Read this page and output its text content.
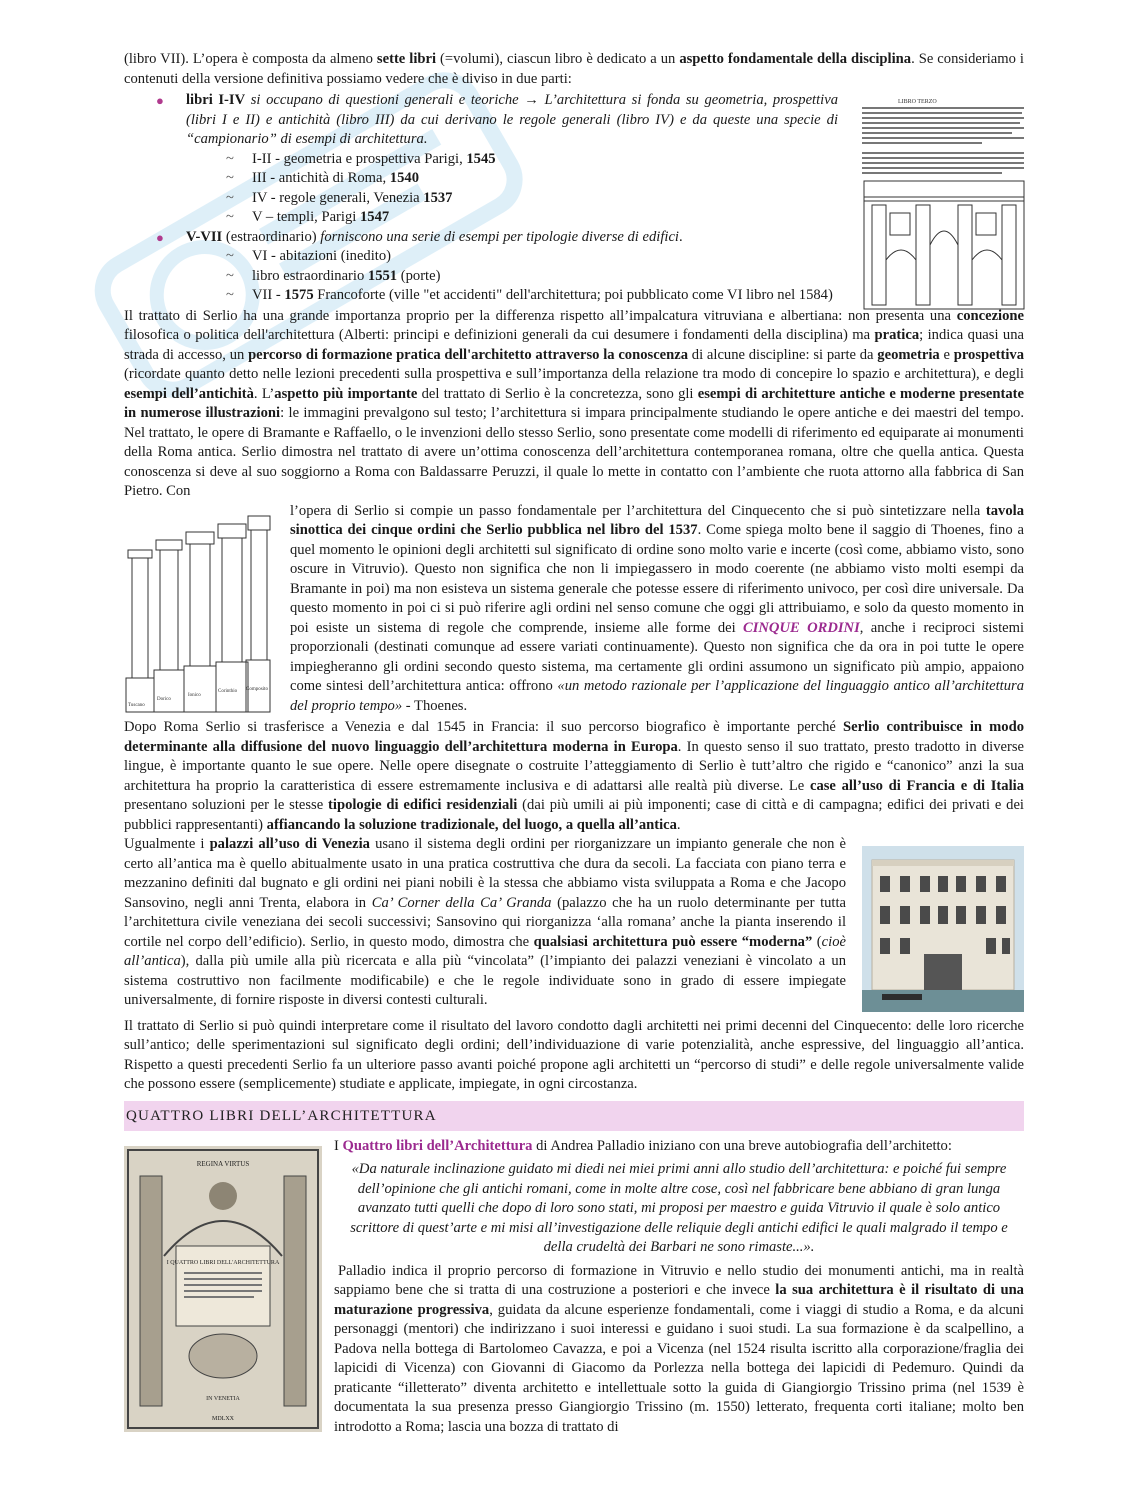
LIBRO TERZO
Tuscano
Dorico
Ionico
Corinthio Composito
REGINA VIRTUS
I QUATTRO LIBRI DELL'ARCHITETTURA
IN VENETIA
MDLXX

(libro VII). L’opera è composta da almeno sette libri (=volumi), ciascun libro è dedicato a un aspetto fondamentale della disciplina. Se consideriamo i contenuti della versione definitiva possiamo vedere che è diviso in due parti:

● libri I-IV si occupano di questioni generali e teoriche → L’architettura si fonda su geometria, prospettiva (libri I e II) e antichità (libro III) da cui derivano le regole generali (libro IV) e da queste una specie di “campionario” di esempi di architettura.

~ I-II - geometria e prospettiva Parigi, 1545
~ III - antichità di Roma, 1540
~ IV - regole generali, Venezia 1537
~ V – templi, Parigi 1547
● V-VII (estraordinario) forniscono una serie di esempi per tipologie diverse di edifici.

~ VI - abitazioni (inedito)
~ libro estraordinario 1551 (porte)
~ VII - 1575 Francoforte (ville "et accidenti" dell'architettura; poi pubblicato come VI libro nel 1584)

Il trattato di Serlio ha una grande importanza proprio per la differenza rispetto all’impalcatura vitruviana e albertiana: non presenta una concezione filosofica o politica dell'architettura (Alberti: principi e definizioni generali da cui desumere i fondamenti della disciplina) ma pratica; indica quasi una strada di accesso, un percorso di formazione pratica dell'architetto attraverso la conoscenza di alcune discipline: si parte da geometria e prospettiva (ricordate quanto detto nelle lezioni precedenti sulla prospettiva e sull’importanza della relazione tra modo di concepire lo spazio e architettura), e degli esempi dell’antichità. L’aspetto più importante del trattato di Serlio è la concretezza, sono gli esempi di architetture antiche e moderne presentate in numerose illustrazioni: le immagini prevalgono sul testo; l’architettura si impara principalmente studiando le opere antiche e dei maestri del tempo. Nel trattato, le opere di Bramante e Raffaello, o le invenzioni dello stesso Serlio, sono presentate come modelli di riferimento ed equiparate ai monumenti della Roma antica. Serlio dimostra nel trattato di avere un’ottima conoscenza dell’architettura contemporanea romana, oltre che quella antica. Questa conoscenza si deve al suo soggiorno a Roma con Baldassarre Peruzzi, il quale lo mette in contatto con l’ambiente che ruota attorno alla fabbrica di San Pietro. Con

l’opera di Serlio si compie un passo fondamentale per l’architettura del Cinquecento che si può sintetizzare nella tavola sinottica dei cinque ordini che Serlio pubblica nel libro del 1537. Come spiega molto bene il saggio di Thoenes, fino a quel momento le opinioni degli architetti sul significato di ordine sono molto varie e incerte (così come, abbiamo visto, sono oscure in Vitruvio). Questo non significa che non li impiegassero in modo coerente (ne abbiamo visto molti esempi da Bramante in poi) ma non esisteva un sistema generale che potesse essere di riferimento univoco, per così dire universale. Da questo momento in poi ci si può riferire agli ordini nel senso comune che oggi gli attribuiamo, e solo da questo momento in poi esiste un sistema di regole che comprende, insieme alle forme dei CINQUE ORDINI, anche i reciproci sistemi proporzionali (destinati comunque ad essere variati continuamente). Questo non significa che da ora in poi tutte le opere impiegheranno gli ordini secondo questo sistema, ma certamente gli ordini assumono un significato più ampio, appaiono come sintesi dell’architettura antica: offrono «un metodo razionale per l’applicazione del linguaggio antico all’architettura del proprio tempo» - Thoenes.

Dopo Roma Serlio si trasferisce a Venezia e dal 1545 in Francia: il suo percorso biografico è importante perché Serlio contribuisce in modo determinante alla diffusione del nuovo linguaggio dell’architettura moderna in Europa. In questo senso il suo trattato, presto tradotto in diverse lingue, è importante quanto le sue opere. Nelle opere disegnate o costruite l’atteggiamento di Serlio è tutt’altro che rigido e “canonico” anzi la sua architettura ha proprio la caratteristica di essere estremamente inclusiva e di adattarsi alle realtà più diverse. Le case all’uso di Francia e di Italia presentano soluzioni per le stesse tipologie di edifici residenziali (dai più umili ai più imponenti; case di città e di campagna; edifici dei privati e dei pubblici rappresentanti) affiancando la soluzione tradizionale, del luogo, a quella all’antica.

Ugualmente i palazzi all’uso di Venezia usano il sistema degli ordini per riorganizzare un impianto generale che non è certo all’antica ma è quello abitualmente usato in una pratica costruttiva che dura da secoli. La facciata con piano terra e mezzanino definiti dal bugnato e gli ordini nei piani nobili è la stessa che abbiamo vista sviluppata a Roma e che Jacopo Sansovino, negli anni Trenta, elabora in Ca’ Corner della Ca’ Granda (palazzo che ha un ruolo determinante per tutta l’architettura civile veneziana dei secoli successivi; Sansovino qui riorganizza ‘alla romana’ anche la pianta inserendo il cortile nel corpo dell’edificio). Serlio, in questo modo, dimostra che qualsiasi architettura può essere “moderna” (cioè all’antica), dalla più umile alla più ricercata e alla più “vincolata” (l’impianto dei palazzi veneziani è vincolato a un sistema costruttivo non facilmente modificabile) e che le regole individuate sono in grado di essere impiegate universalmente, di fornire risposte in diversi contesti culturali.

Il trattato di Serlio si può quindi interpretare come il risultato del lavoro condotto dagli architetti nei primi decenni del Cinquecento: delle loro ricerche sull’antico; delle sperimentazioni sul significato degli ordini; dell’individuazione di varie potenzialità, anche espressive, del linguaggio all’antica. Rispetto a questi precedenti Serlio fa un ulteriore passo avanti poiché propone agli architetti un “percorso di studi” e delle regole universalmente valide che possono essere (semplicemente) studiate e applicate, impiegate, in ogni circostanza.

QUATTRO LIBRI DELL’ARCHITETTURA

I Quattro libri dell’Architettura di Andrea Palladio iniziano con una breve autobiografia dell’architetto:

«Da naturale inclinazione guidato mi diedi nei miei primi anni allo studio dell’architettura: e poiché fui sempre dell’opinione che gli antichi romani, come in molte altre cose, così nel fabbricare bene abbiano di gran lunga avanzato tutti quelli che dopo di loro sono stati, mi proposi per maestro e guida Vitruvio il quale è solo antico scrittore di quest’arte e mi misi all’investigazione delle reliquie degli antichi edifici le quali malgrado il tempo e della crudeltà dei Barbari ne sono rimaste...».

Palladio indica il proprio percorso di formazione in Vitruvio e nello studio dei monumenti antichi, ma in realtà sappiamo bene che si tratta di una costruzione a posteriori e che invece la sua architettura è il risultato di una maturazione progressiva, guidata da alcune esperienze fondamentali, come i viaggi di studio a Roma, e da alcuni personaggi (mentori) che indirizzano i suoi interessi e guidano i suoi studi. La sua formazione è da scalpellino, a Padova nella bottega di Bartolomeo Cavazza, e poi a Vicenza (nel 1524 risulta iscritto alla corporazione/fraglia dei lapicidi di Vicenza) con Giovanni di Giacomo da Porlezza nella bottega dei lapicidi di Pedemuro. Quindi da praticante “illetterato” diventa architetto e intellettuale sotto la guida di Giangiorgio Trissino prima (nel 1539 è documentata la sua presenza presso Giangiorgio Trissino (m. 1550) letterato, frequenta corti italiane; molto ben introdotto a Roma; lascia una bozza di trattato di
